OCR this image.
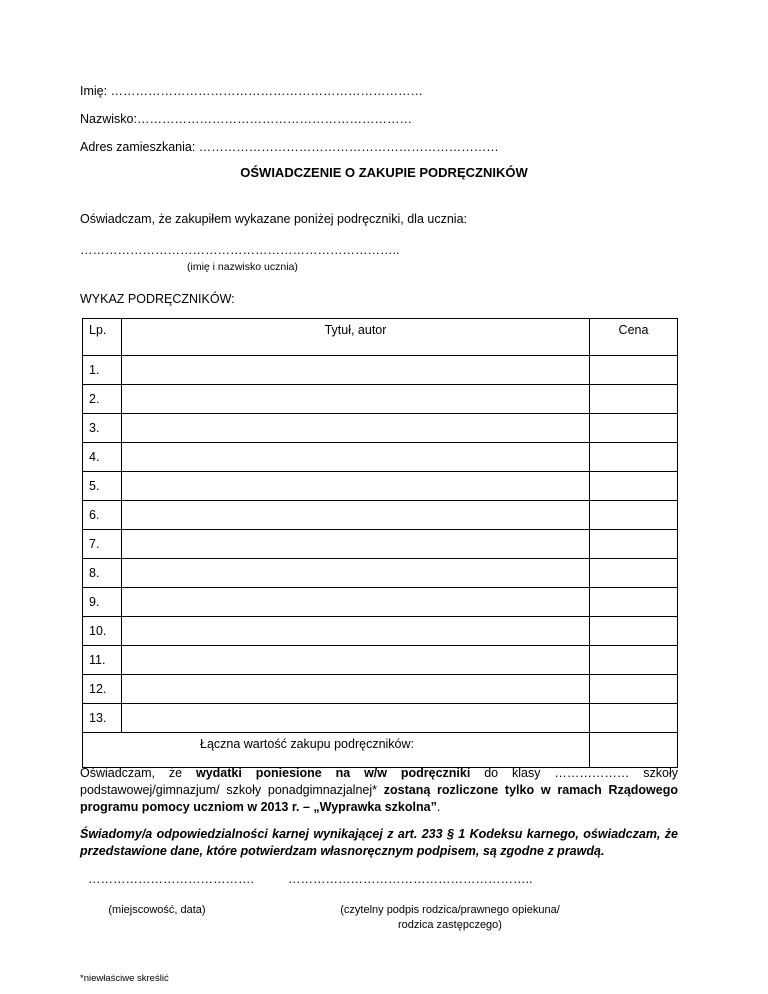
Imię: …………………………………………………………………
Nazwisko:…………………………………………………………
Adres zamieszkania: ………………………………………………………………
OŚWIADCZENIE O ZAKUPIE PODRĘCZNIKÓW
Oświadczam, że zakupiłem wykazane poniżej podręczniki, dla ucznia:
…………………………………………………………………..
(imię i nazwisko ucznia)
WYKAZ PODRĘCZNIKÓW:
Lp.	Tytuł, autor	Cena
1.		
2.		
3.		
4.		
5.		
6.		
7.		
8.		
9.		
10.		
11.		
12.		
13.		
Łączna wartość zakupu podręczników:		
Oświadczam, że wydatki poniesione na w/w podręczniki do klasy ……………… szkoły podstawowej/gimnazjum/ szkoły ponadgimnazjalnej* zostaną rozliczone tylko w ramach Rządowego programu pomocy uczniom w 2013 r. – „Wyprawka szkolna”.
Świadomy/a odpowiedzialności karnej wynikającej z art. 233 § 1 Kodeksu karnego, oświadczam, że przedstawione dane, które potwierdzam własnoręcznym podpisem, są zgodne z prawdą.
………………………………….	…………………………………………………..
(miejscowość, data)	(czytelny podpis rodzica/prawnego opiekuna/
rodzica zastępczego)
*niewłaściwe skreślić
